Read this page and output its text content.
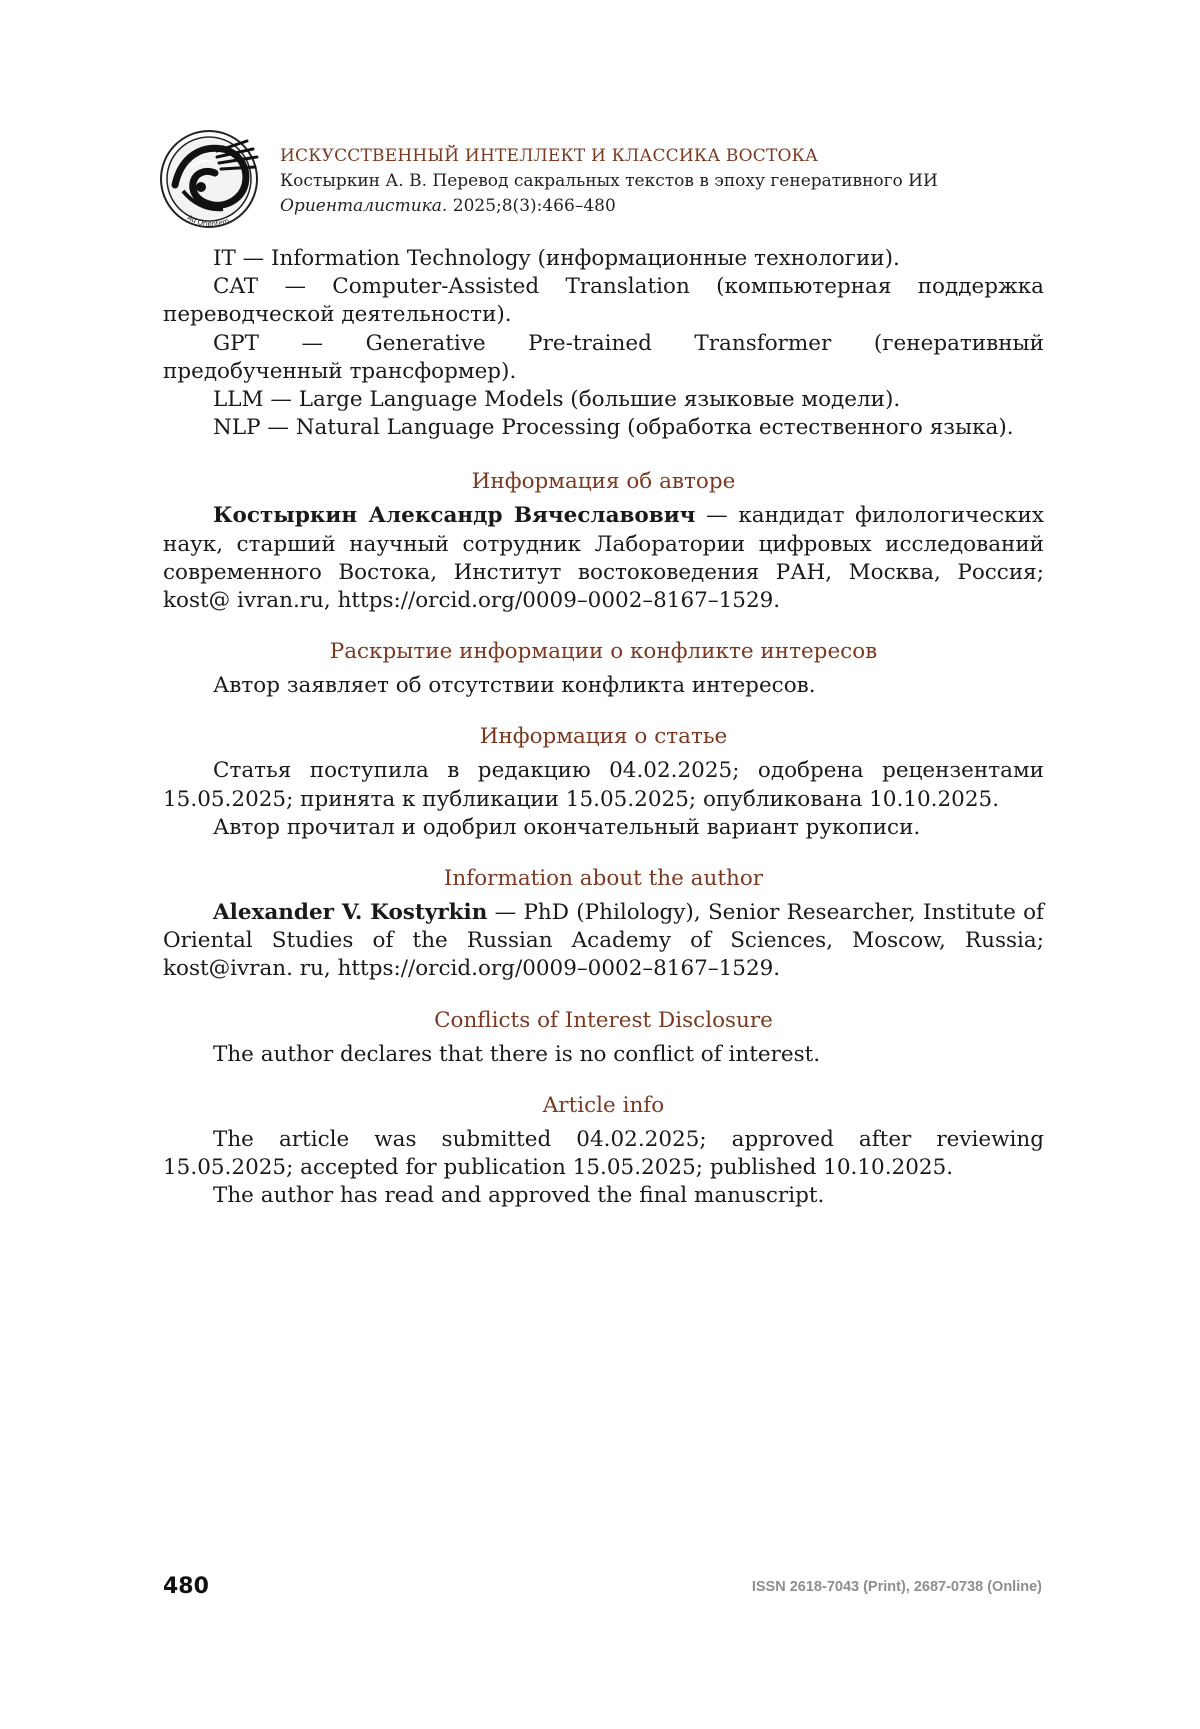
Ad Orientem
ИСКУССТВЕННЫЙ ИНТЕЛЛЕКТ И КЛАССИКА ВОСТОКА
Костыркин А. В. Перевод сакральных текстов в эпоху генеративного ИИ
Ориенталистика. 2025;8(3):466–480

IT — Information Technology (информационные технологии).

CAT — Computer-Assisted Translation (компьютерная поддержка переводческой деятельности).

GPT — Generative Pre-trained Transformer (генеративный предобученный трансформер).

LLM — Large Language Models (большие языковые модели).

NLP — Natural Language Processing (обработка естественного языка).

Информация об авторе

Костыркин Александр Вячеславович — кандидат филологических наук, старший научный сотрудник Лаборатории цифровых исследований современного Востока, Институт востоковедения РАН, Москва, Россия; kost@ ivran.ru, https://orcid.org/0009–0002–8167–1529.

Раскрытие информации о конфликте интересов

Автор заявляет об отсутствии конфликта интересов.

Информация о статье

Статья поступила в редакцию 04.02.2025; одобрена рецензентами 15.05.2025; принята к публикации 15.05.2025; опубликована 10.10.2025.

Автор прочитал и одобрил окончательный вариант рукописи.

Information about the author

Alexander V. Kostyrkin — PhD (Philology), Senior Researcher, Institute of Oriental Studies of the Russian Academy of Sciences, Moscow, Russia; kost@ivran. ru, https://orcid.org/0009–0002–8167–1529.

Conflicts of Interest Disclosure

The author declares that there is no conflict of interest.

Article info

The article was submitted 04.02.2025; approved after reviewing 15.05.2025; accepted for publication 15.05.2025; published 10.10.2025.

The author has read and approved the final manuscript.

480	ISSN 2618-7043 (Print), 2687-0738 (Online)
